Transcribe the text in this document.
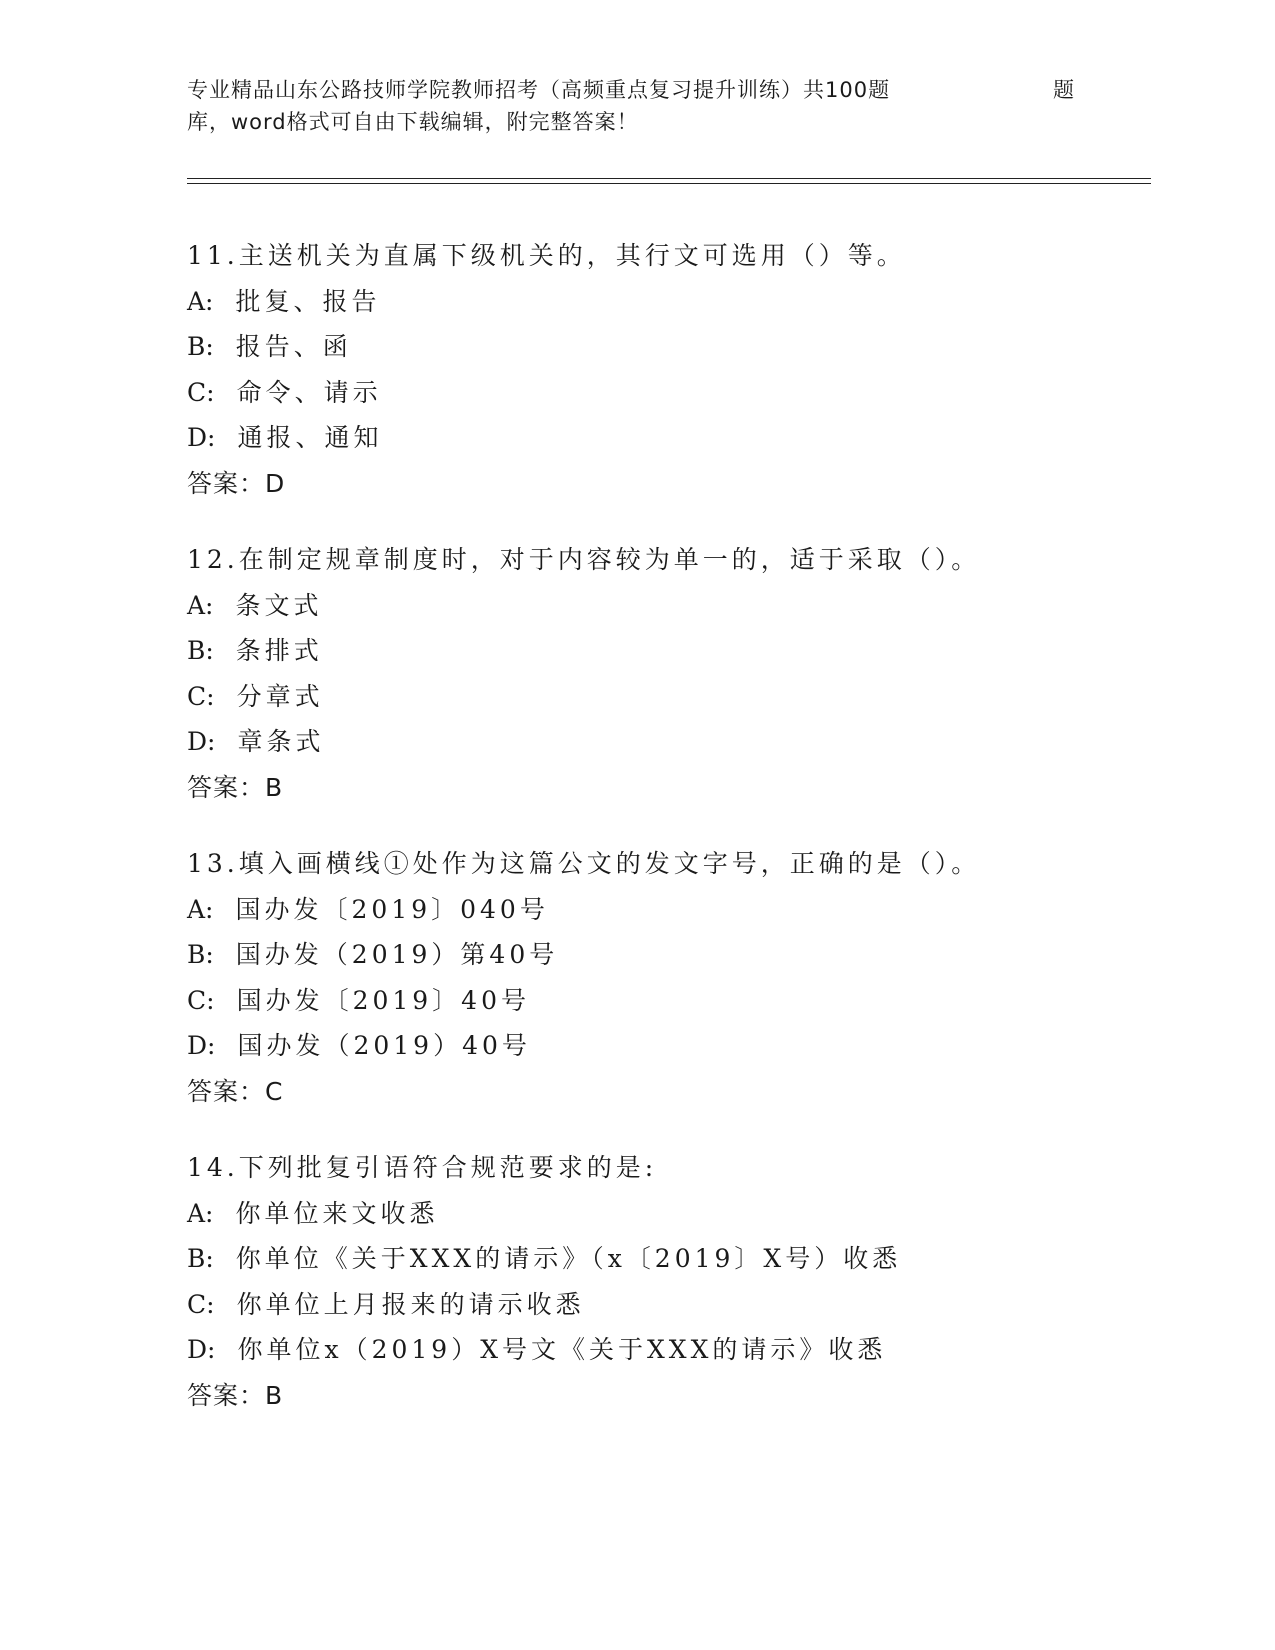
专业精品山东公路技师学院教师招考（高频重点复习提升训练）共100题	题
库，word格式可自由下载编辑，附完整答案！
11.主送机关为直属下级机关的，其行文可选用（）等。
A: 批复、报告
B: 报告、函
C: 命令、请示
D: 通报、通知
答案：D
12.在制定规章制度时，对于内容较为单一的，适于采取（）。
A: 条文式
B: 条排式
C: 分章式
D: 章条式
答案：B
13.填入画横线①处作为这篇公文的发文字号，正确的是（）。
A: 国办发〔2019〕040号
B: 国办发（2019）第40号
C: 国办发〔2019〕40号
D: 国办发（2019）40号
答案：C
14.下列批复引语符合规范要求的是:
A: 你单位来文收悉
B: 你单位《关于XXX的请示》（x〔2019〕X号）收悉
C: 你单位上月报来的请示收悉
D: 你单位x（2019）X号文《关于XXX的请示》收悉
答案：B
